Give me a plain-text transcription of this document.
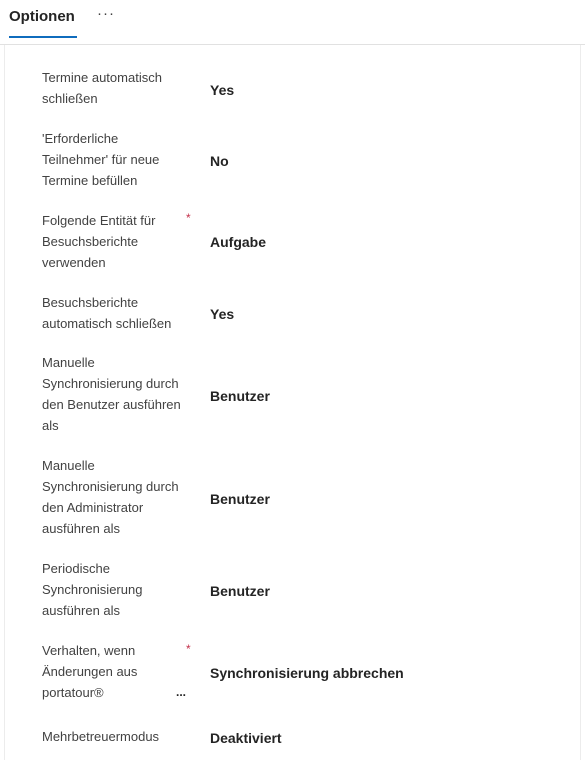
Optionen ···
Termine automatisch schließen
Yes
'Erforderliche Teilnehmer' für neue Termine befüllen
No
Folgende Entität für Besuchsberichte verwenden
*
Aufgabe
Besuchsberichte automatisch schließen
Yes
Manuelle Synchronisierung durch den Benutzer ausführen als
Benutzer
Manuelle Synchronisierung durch den Administrator ausführen als
Benutzer
Periodische Synchronisierung ausführen als
Benutzer
Verhalten, wenn Änderungen aus portatour®
*
...
Synchronisierung abbrechen
Mehrbetreuermodus	Deaktiviert
